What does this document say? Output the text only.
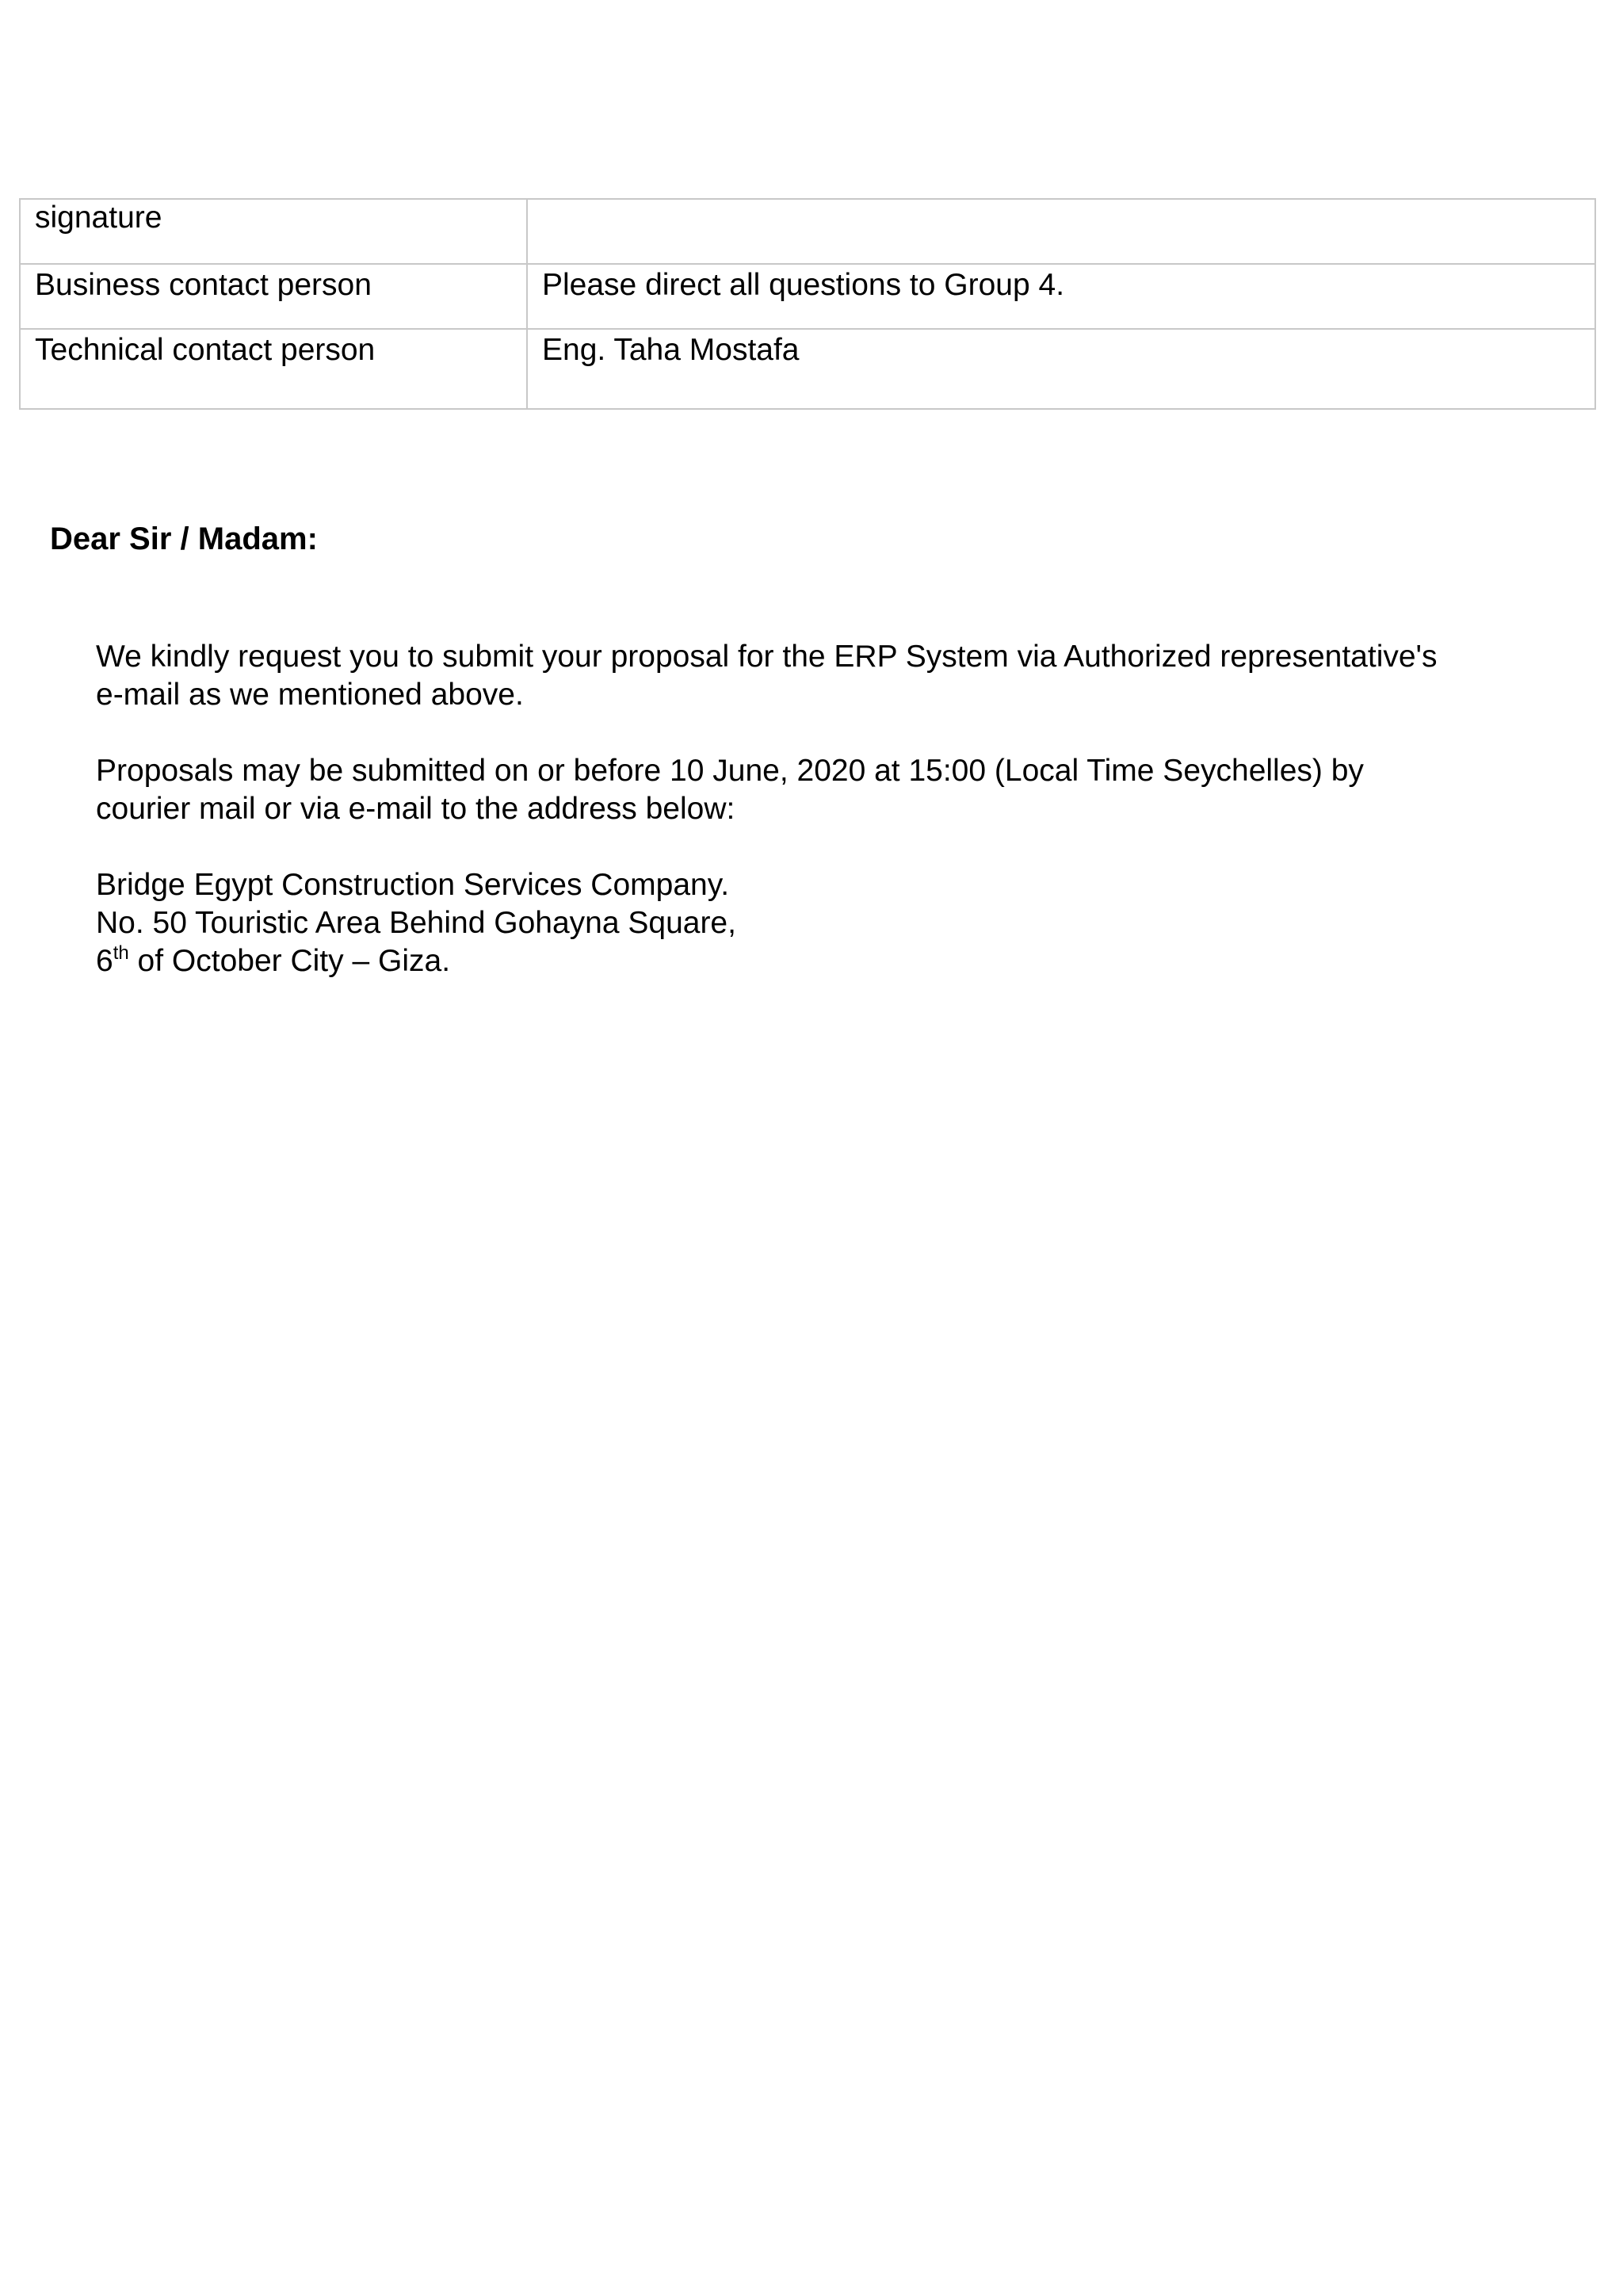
signature	
Business contact person	Please direct all questions to Group 4.
Technical contact person	Eng. Taha Mostafa
Dear Sir / Madam:
We kindly request you to submit your proposal for the ERP System via Authorized representative's
e-mail as we mentioned above.
Proposals may be submitted on or before 10 June, 2020 at 15:00 (Local Time Seychelles) by
courier mail or via e-mail to the address below:
Bridge Egypt Construction Services Company.
No. 50 Touristic Area Behind Gohayna Square,
6th of October City – Giza.
